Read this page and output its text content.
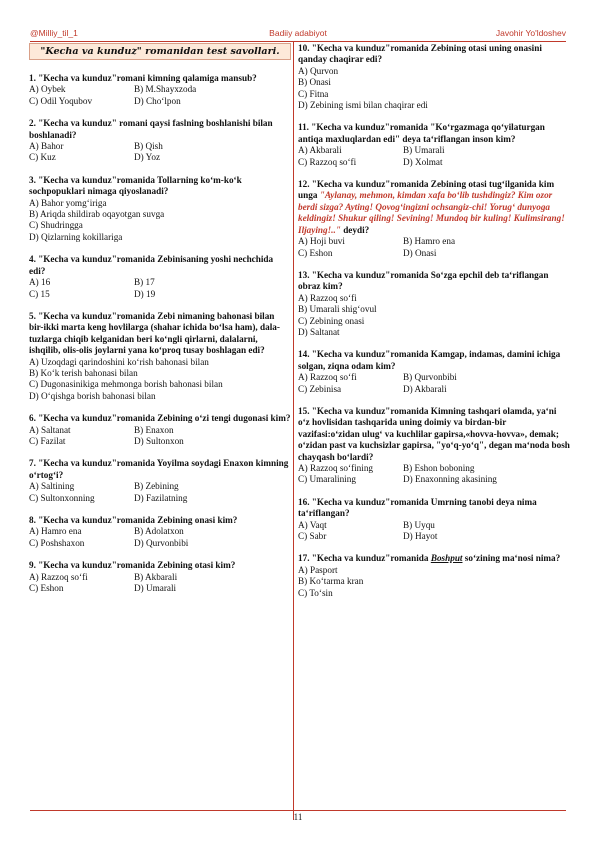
@Milliy_til_1	Badiiy adabiyot	Javohir Yo'ldoshev
"Kecha va kunduz" romanidan test savollari.
1. "Kecha va kunduz"romani kimning qalamiga mansub?
A) Oybek	B) M.Shayxzoda
C) Odil Yoqubov	D) Cho‘lpon
2. "Kecha va kunduz" romani qaysi faslning boshlanishi bilan boshlanadi?
A) Bahor	B) Qish
C) Kuz	D) Yoz
3. "Kecha va kunduz"romanida Tollarning ko‘m-ko‘k sochpopuklari nimaga qiyoslanadi?
A) Bahor yomg‘iriga
B) Ariqda shildirab oqayotgan suvga
C) Shudringga
D) Qizlarning kokillariga
4. "Kecha va kunduz"romanida Zebinisaning yoshi nechchida edi?
A) 16	B) 17
C) 15	D) 19
5. "Kecha va kunduz"romanida Zebi nimaning bahonasi bilan bir-ikki marta keng hovlilarga (shahar ichida bo‘lsa ham), dala-tuzlarga chiqib kelganidan beri ko‘ngli qirlarni, dalalarni, ishqilib, olis-olis joylarni yana ko‘proq tusay boshlagan edi?
A) Uzoqdagi qarindoshini ko‘rish bahonasi bilan
B) Ko‘k terish bahonasi bilan
C) Dugonasinikiga mehmonga borish bahonasi bilan
D) O‘qishga borish bahonasi bilan
6. "Kecha va kunduz"romanida Zebining o‘zi tengi dugonasi kim?
A) Saltanat	B) Enaxon
C) Fazilat	D) Sultonxon
7. "Kecha va kunduz"romanida Yoyilma soydagi Enaxon kimning o‘rtog‘i?
A) Saltining	B) Zebining
C) Sultonxonning	D) Fazilatning
8. "Kecha va kunduz"romanida Zebining onasi kim?
A) Hamro ena	B) Adolatxon
C) Poshshaxon	D) Qurvonbibi
9. "Kecha va kunduz"romanida Zebining otasi kim?
A) Razzoq so‘fi	B) Akbarali
C) Eshon	D) Umarali
10. "Kecha va kunduz"romanida Zebining otasi uning onasini qanday chaqirar edi?
A) Qurvon
B) Onasi
C) Fitna
D) Zebining ismi bilan chaqirar edi
11. "Kecha va kunduz"romanida "Ko‘rgazmaga qo‘yilaturgan antiqa maxluqlardan edi" deya ta‘riflangan inson kim?
A) Akbarali	B) Umarali
C) Razzoq so‘fi	D) Xolmat
12. "Kecha va kunduz"romanida Zebining otasi tug‘ilganida kim unga "Aylanay, mehmon, kimdan xafa bo‘lib tushdingiz? Kim ozor berdi sizga? Ayting! Qovog‘ingizni ochsangiz-chi! Yorug‘ dunyoga keldingiz! Shukur qiling! Sevining! Mundoq bir kuling! Kulimsirang! Iljaying!.." deydi?
A) Hoji buvi	B) Hamro ena
C) Eshon	D) Onasi
13. "Kecha va kunduz"romanida So‘zga epchil deb ta‘riflangan obraz kim?
A) Razzoq so‘fi
B) Umarali shig‘ovul
C) Zebining onasi
D) Saltanat
14. "Kecha va kunduz"romanida Kamgap, indamas, damini ichiga solgan, ziqna odam kim?
A) Razzoq so‘fi	B) Qurvonbibi
C) Zebinisa	D) Akbarali
15. "Kecha va kunduz"romanida Kimning tashqari olamda, ya‘ni o‘z hovlisidan tashqarida uning doimiy va birdan-bir vazifasi:o‘zidan ulug‘ va kuchlilar gapirsa,«hovva-hovva», demak; o‘zidan past va kuchsizlar gapirsa, "yo‘q-yo‘q", degan ma‘noda bosh chayqash bo‘lardi?
A) Razzoq so‘fining	B) Eshon boboning
C) Umaralining	D) Enaxonning akasining
16. "Kecha va kunduz"romanida Umrning tanobi deya nima ta‘riflangan?
A) Vaqt	B) Uyqu
C) Sabr	D) Hayot
17. "Kecha va kunduz"romanida Boshput so‘zining ma‘nosi nima?
A) Pasport
B) Ko‘tarma kran
C) To‘sin
11
